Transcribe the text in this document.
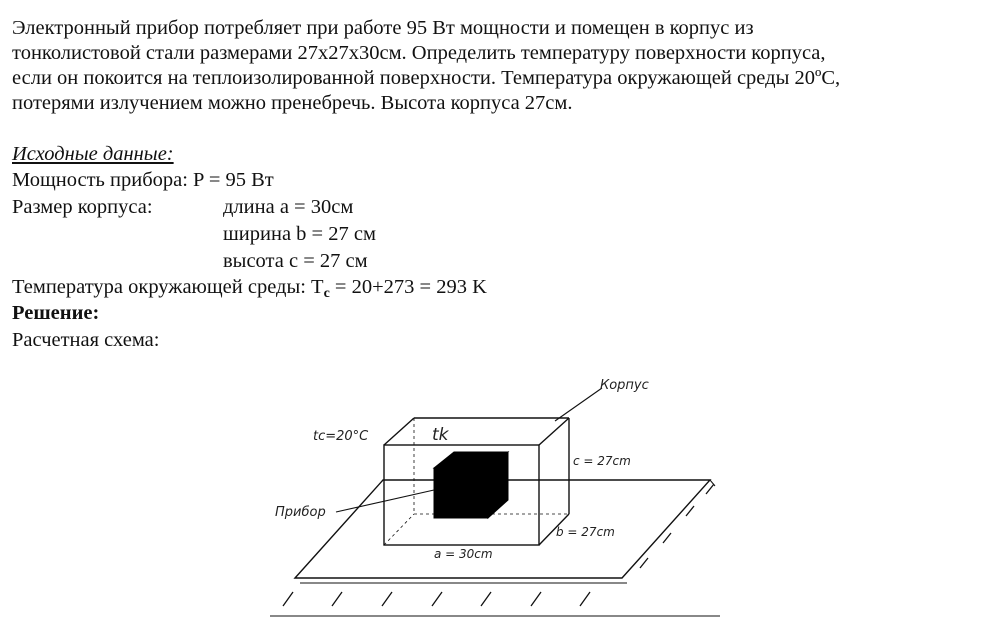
Электронный прибор потребляет при работе 95 Вт мощности и помещен в корпус из
тонколистовой стали размерами 27х27х30см. Определить температуру поверхности корпуса,
если он покоится на теплоизолированной поверхности. Температура окружающей среды 20ºС,
потерями излучением можно пренебречь. Высота корпуса 27см.
Исходные данные:
Мощность прибора: P = 95 Вт
Размер корпуса:	длина a = 30см
ширина b = 27 см
высота c = 27 см
Температура окружающей среды: $T_c = 20+273 = 293$ K
Решение:
Расчетная схема:
tc=20°C
Корпус
tk
Прибор
c = 27cm
b = 27cm
a = 30cm
